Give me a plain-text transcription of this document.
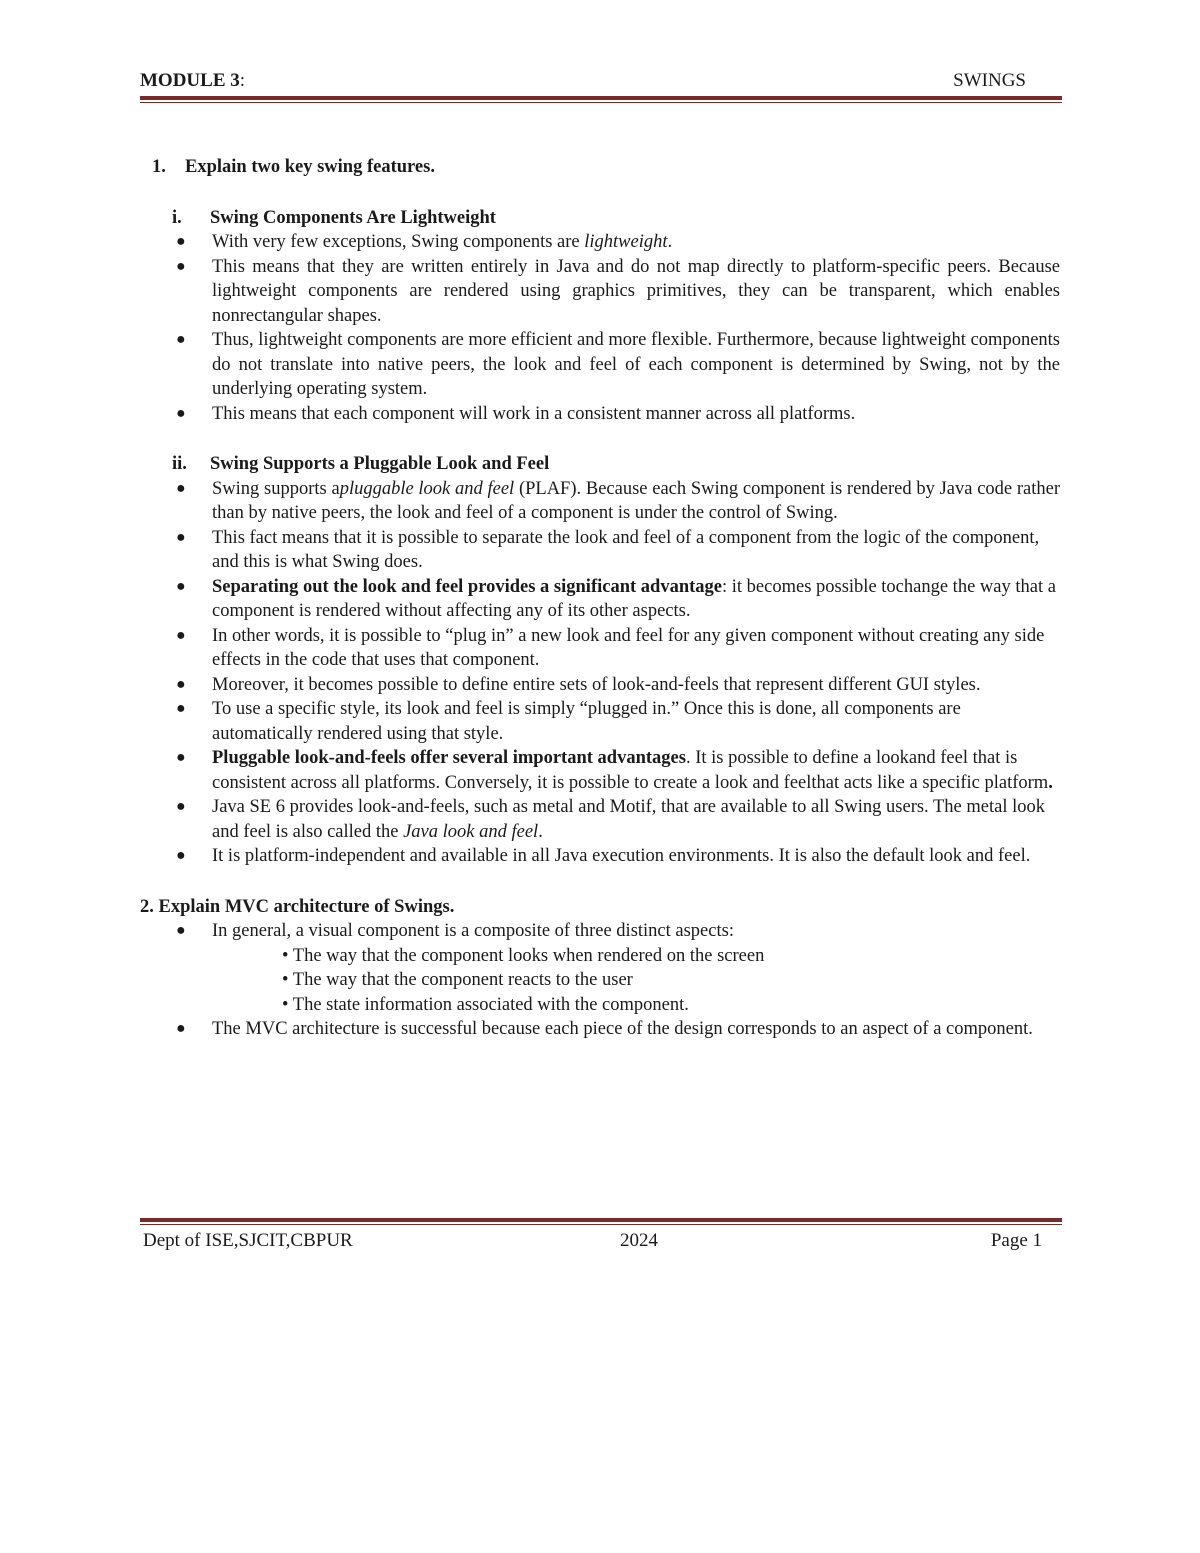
MODULE 3:	SWINGS

1. Explain two key swing features.

i. Swing Components Are Lightweight

● With very few exceptions, Swing components are lightweight.
● This means that they are written entirely in Java and do not map directly to platform-specific peers. Because lightweight components are rendered using graphics primitives, they can be transparent, which enables nonrectangular shapes.
● Thus, lightweight components are more efficient and more flexible. Furthermore, because lightweight components do not translate into native peers, the look and feel of each component is determined by Swing, not by the underlying operating system.
● This means that each component will work in a consistent manner across all platforms.

ii. Swing Supports a Pluggable Look and Feel

● Swing supports apluggable look and feel (PLAF). Because each Swing component is rendered by Java code rather than by native peers, the look and feel of a component is under the control of Swing.
● This fact means that it is possible to separate the look and feel of a component from the logic of the component, and this is what Swing does.
● Separating out the look and feel provides a significant advantage: it becomes possible tochange the way that a component is rendered without affecting any of its other aspects.
● In other words, it is possible to “plug in” a new look and feel for any given component without creating any side effects in the code that uses that component.
● Moreover, it becomes possible to define entire sets of look-and-feels that represent different GUI styles.
● To use a specific style, its look and feel is simply “plugged in.” Once this is done, all components are automatically rendered using that style.
● Pluggable look-and-feels offer several important advantages. It is possible to define a lookand feel that is consistent across all platforms. Conversely, it is possible to create a look and feelthat acts like a specific platform.
● Java SE 6 provides look-and-feels, such as metal and Motif, that are available to all Swing users. The metal look and feel is also called the Java look and feel.
● It is platform-independent and available in all Java execution environments. It is also the default look and feel.

2. Explain MVC architecture of Swings.

● In general, a visual component is a composite of three distinct aspects:

• The way that the component looks when rendered on the screen

• The way that the component reacts to the user

• The state information associated with the component.

● The MVC architecture is successful because each piece of the design corresponds to an aspect of a component.
Dept of ISE,SJCIT,CBPUR	2024	Page 1
